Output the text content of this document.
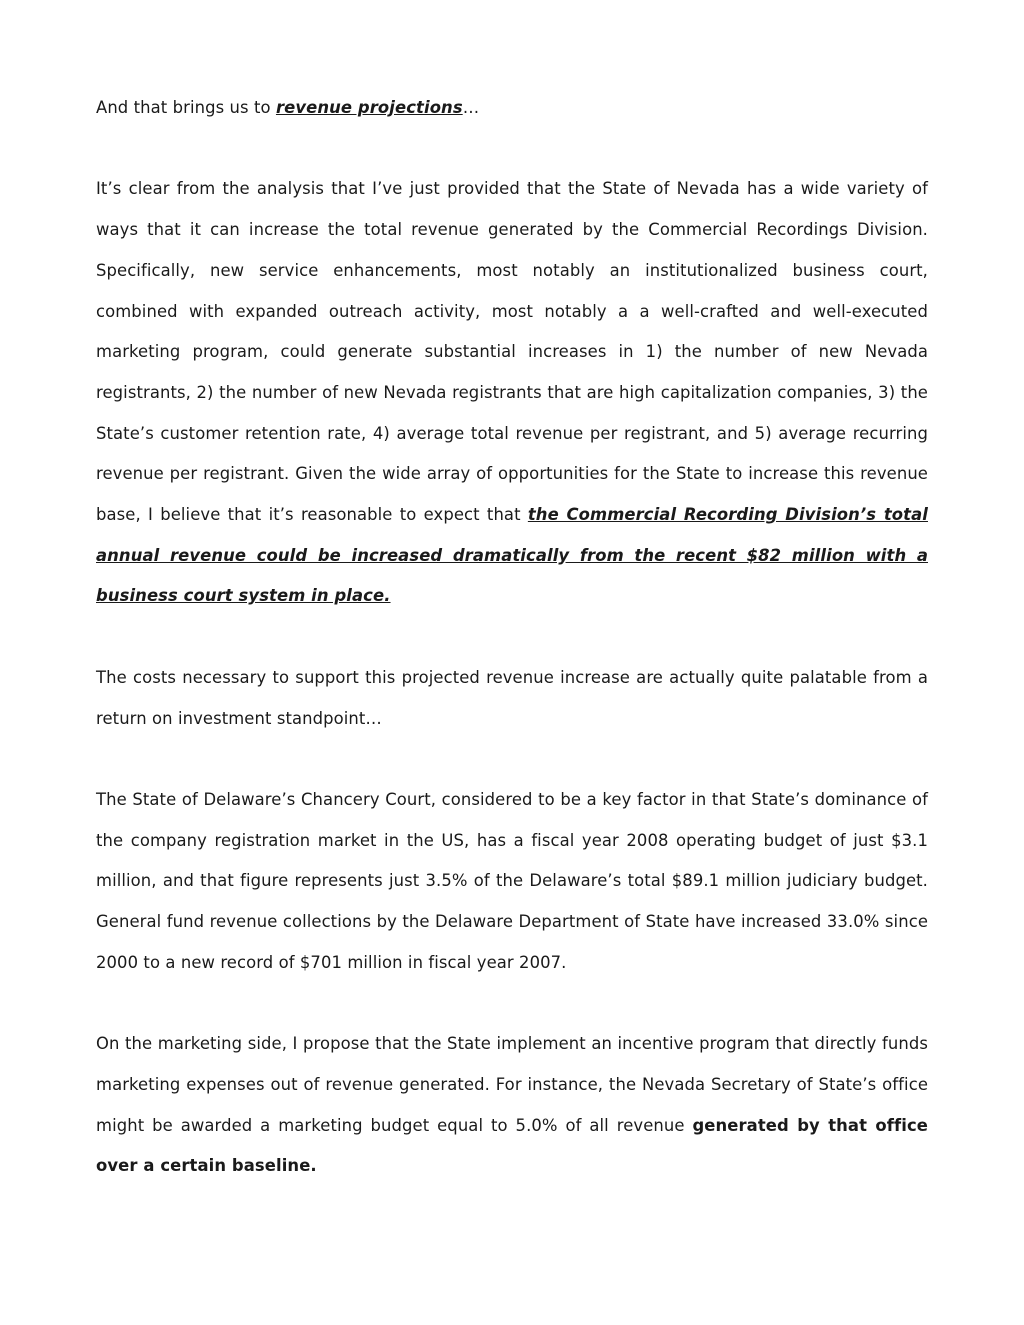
And that brings us to revenue projections…

It’s clear from the analysis that I’ve just provided that the State of Nevada has a wide variety of ways that it can increase the total revenue generated by the Commercial Recordings Division. Specifically, new service enhancements, most notably an institutionalized business court, combined with expanded outreach activity, most notably a a well-crafted and well-executed marketing program, could generate substantial increases in 1) the number of new Nevada registrants, 2) the number of new Nevada registrants that are high capitalization companies, 3) the State’s customer retention rate, 4) average total revenue per registrant, and 5) average recurring revenue per registrant. Given the wide array of opportunities for the State to increase this revenue base, I believe that it’s reasonable to expect that the Commercial Recording Division’s total annual revenue could be increased dramatically from the recent $82 million with a business court system in place.

The costs necessary to support this projected revenue increase are actually quite palatable from a return on investment standpoint…

The State of Delaware’s Chancery Court, considered to be a key factor in that State’s dominance of the company registration market in the US, has a fiscal year 2008 operating budget of just $3.1 million, and that figure represents just 3.5% of the Delaware’s total $89.1 million judiciary budget. General fund revenue collections by the Delaware Department of State have increased 33.0% since 2000 to a new record of $701 million in fiscal year 2007.

On the marketing side, I propose that the State implement an incentive program that directly funds marketing expenses out of revenue generated. For instance, the Nevada Secretary of State’s office might be awarded a marketing budget equal to 5.0% of all revenue generated by that office over a certain baseline.
